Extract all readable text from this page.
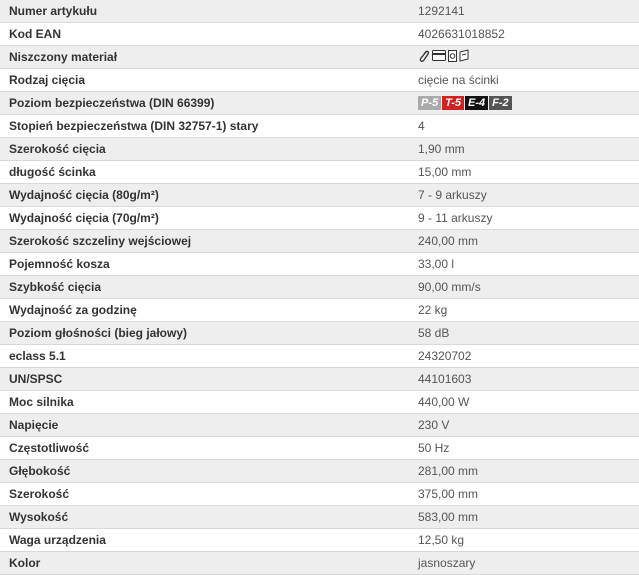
Numer artykułu	1292141
Kod EAN	4026631018852
Niszczony materiał	

Rodzaj cięcia	cięcie na ścinki
Poziom bezpieczeństwa (DIN 66399)	P-5 T-5 E-4 F-2

Stopień bezpieczeństwa (DIN 32757-1) stary	4
Szerokość cięcia	1,90 mm
długość ścinka	15,00 mm
Wydajność cięcia (80g/m²)	7 - 9 arkuszy
Wydajność cięcia (70g/m²)	9 - 11 arkuszy
Szerokość szczeliny wejściowej	240,00 mm
Pojemność kosza	33,00 l
Szybkość cięcia	90,00 mm/s
Wydajność za godzinę	22 kg
Poziom głośności (bieg jałowy)	58 dB
eclass 5.1	24320702
UN/SPSC	44101603
Moc silnika	440,00 W
Napięcie	230 V
Częstotliwość	50 Hz
Głębokość	281,00 mm
Szerokość	375,00 mm
Wysokość	583,00 mm
Waga urządzenia	12,50 kg
Kolor	jasnoszary
